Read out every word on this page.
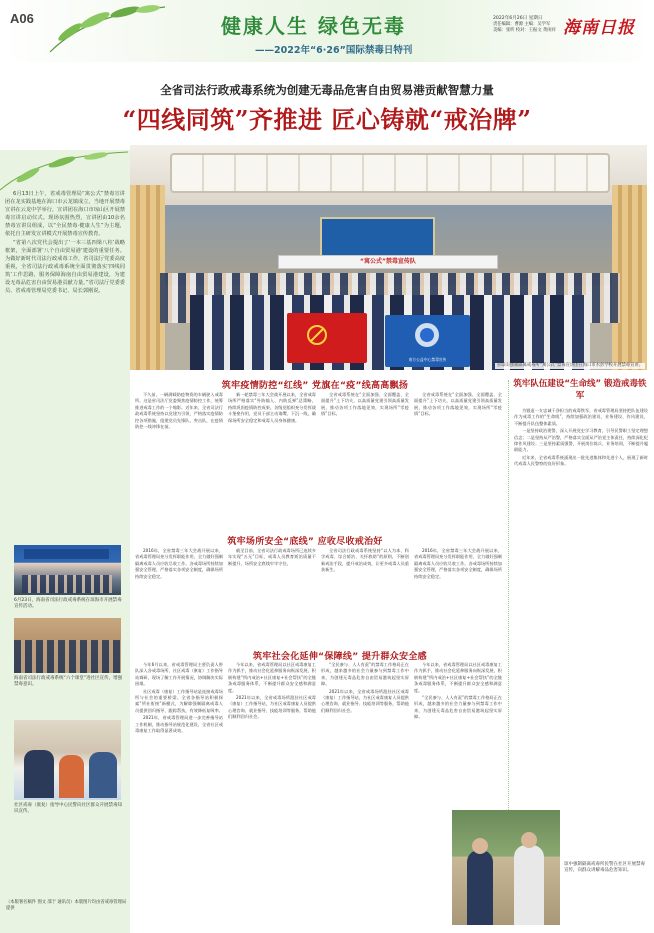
A06	健康人生 绿色无毒
——2022年“6·26”国际禁毒日特刊
2022年6月26日 星期日
责任编辑：曹源 主编：吴学军
美编：张昕 校对：王振文 黄闲祥 海南日报
全省司法行政戒毒系统为创建无毒品危害自由贸易港贡献智慧力量
“四线同筑”齐推进 匠心铸就“戒治牌”

6月13日上午，省戒毒管理局“寓公式”禁毒宣讲团在龙实践基地在海口市云龙镇成立，当地开展禁毒宣讲在云龙中学举行，宣讲团在海口市琼山区开展禁毒宣讲启动仪式。现场氛围热烈，宣讲团由10余名禁毒宣讲员组成，以“全民禁毒·健康人生”为主题，依托自主研发宣讲模式开展禁毒宣传教育。

“省第八次党代会提出了‘一本三基四梁八柱’战略框架，全面部署‘八个自由贸易港’建设的重要任务。为做好新时代司法行政戒毒工作，省司法厅党委高度重视，全省司法行政戒毒系统全面贯彻落实‘四线同筑’工作思路，服务保障海南自由贸易港建设，为建设无毒品危害自由贸易港贡献力量。”省司法厅党委委员、省戒毒管理局党委书记、局长郭刚说。

6月23日，海南省司法行政戒毒系统在琼海市开展禁毒宣传活动。
海南省司法行政戒毒系统“六个课堂”进社区宣传，增强禁毒意识。
社区戒毒（康复）指导中心民警向社区群众开展禁毒知识宣传。
（本版署名稿件 图文 邵于 通讯员）本版图片均由省戒毒管理局提供
南方公益中心禁毒宣传
“寓公式”禁毒宣传队
省琼山强制隔离戒毒所“寓公式”禁毒宣讲团在海口市水彭学校开展禁毒宣讲。
筑牢疫情防控“红线” 党旗在“疫”线高高飘扬

不久前，一辆满载防疫物资的车辆驶入戒毒所。这是省司法厅党委聚焦疫情防控工作，统筹推进戒毒工作的一个缩影。近年来，全省司法行政戒毒系统坚持以党建为引领，严格落实疫情防控各项措施，组建党员先锋队、突击队，在疫情防控一线冲锋在前。

新一轮禁毒三年大会战开展以来，全省戒毒场所严格落实“外防输入、内防反弹”总策略，持续巩固疫情防控成果。各级党组织充分发挥战斗堡垒作用，党员干部主动请缨、下沉一线，确保场所安全稳定和戒毒人员身体健康。

全省戒毒系统在“全面加强、全面覆盖、全面提升”上下功夫，以高质量党建引领高质量发展，推动各项工作落地见效，实现场所“零疫情”目标。

全省戒毒系统在“全面加强、全面覆盖、全面提升”上下功夫，以高质量党建引领高质量发展，推动各项工作落地见效，实现场所“零疫情”目标。

筑牢场所安全“底线” 应收尽收戒治好

2016年，全省禁毒三年大会战开展以来，省戒毒管理局充分发挥职能作用，全力做好强制隔离戒毒人员应收尽收工作。各戒毒场所持续加强安全管理，严格落实各项安全制度，确保场所持续安全稳定。

截至目前，全省司法行政戒毒场所已连续多年实现“五无”目标，戒毒人员教育矫治质量不断提升，场所安全底线牢牢守住。

全省司法行政戒毒系统坚持“以人为本、科学戒毒、综合矫治、关怀救助”的原则，不断创新戒治手段，提升戒治成效，让更多戒毒人员重获新生。

2016年，全省禁毒三年大会战开展以来，省戒毒管理局充分发挥职能作用，全力做好强制隔离戒毒人员应收尽收工作。各戒毒场所持续加强安全管理，严格落实各项安全制度，确保场所持续安全稳定。

筑牢社会化延伸“保障线” 提升群众安全感

今年6月以来，省戒毒管理局主要负责人带队深入各戒毒场所、社区戒毒（康复）工作指导站调研，现场了解工作开展情况，协调解决实际困难。

社区戒毒（康复）工作指导站是连接戒毒场所与社会的重要桥梁。全省各指导站积极探索“所社衔接”新模式，为解除强制隔离戒毒人员提供回归指导、跟踪帮扶，有效降低复吸率。

2021年，省戒毒管理局进一步完善指导站工作机制，推动指导站规范化建设，全省社区戒毒康复工作取得显著成效。

今年以来，省戒毒管理局以社区戒毒康复工作为抓手，推动社会化延伸服务向纵深发展，积极构建“所内戒治+社区康复+社会帮扶”的全链条戒毒服务体系，不断提升群众安全感和满意度。

2021年以来，全省戒毒场所派驻社区戒毒（康复）工作指导站，为社区戒毒康复人员提供心理咨询、就业指导、技能培训等服务，帮助他们顺利回归社会。

“全民参与、人人有责”的禁毒工作格局正在形成，越来越多的社会力量参与到禁毒工作中来，为创建无毒品危害自由贸易港筑起坚实屏障。

2021年以来，全省戒毒场所派驻社区戒毒（康复）工作指导站，为社区戒毒康复人员提供心理咨询、就业指导、技能培训等服务，帮助他们顺利回归社会。

今年以来，省戒毒管理局以社区戒毒康复工作为抓手，推动社会化延伸服务向纵深发展，积极构建“所内戒治+社区康复+社会帮扶”的全链条戒毒服务体系，不断提升群众安全感和满意度。

“全民参与、人人有责”的禁毒工作格局正在形成，越来越多的社会力量参与到禁毒工作中来，为创建无毒品危害自由贸易港筑起坚实屏障。

筑牢队伍建设“生命线” 锻造戒毒铁军

为锻造一支忠诚干净担当的戒毒铁军，省戒毒管理局坚持把队伍建设作为戒毒工作的“生命线”，持续加强政治建设、业务建设、作风建设，不断提升队伍整体素质。

一是坚持政治建警，深入开展党史学习教育，引导民警职工坚定理想信念；二是坚持从严治警，严格落实全面从严治党主体责任，持续深化纪律作风建设；三是坚持素质强警，开展岗位练兵、业务培训，不断提升履职能力。

近年来，全省戒毒系统涌现出一批先进集体和先进个人，展现了新时代戒毒人民警察的良好形象。

琼中强制隔离戒毒所民警在社区开展禁毒宣传，向群众讲解毒品危害知识。
